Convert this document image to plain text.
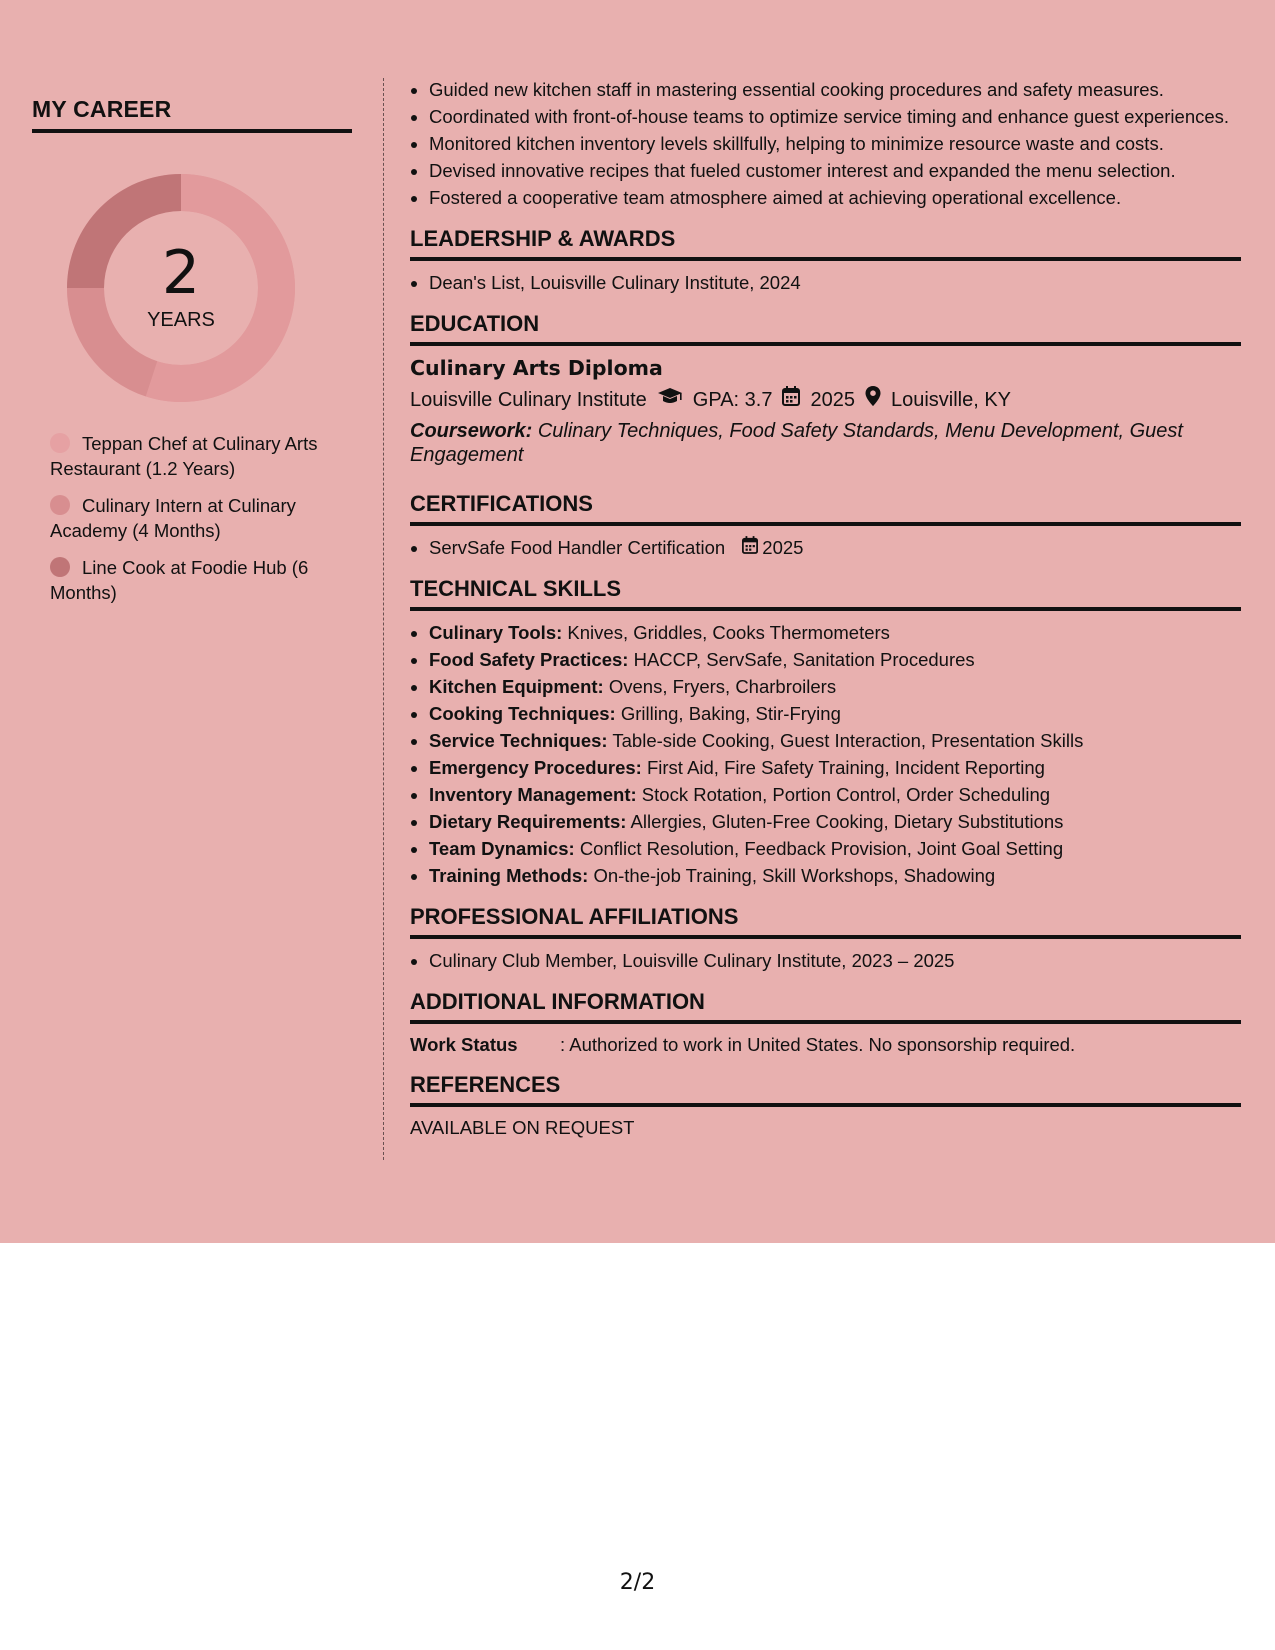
MY CAREER
2
YEARS
Teppan Chef at Culinary Arts Restaurant (1.2 Years)
Culinary Intern at Culinary Academy (4 Months)
Line Cook at Foodie Hub (6 Months)
• Guided new kitchen staff in mastering essential cooking procedures and safety measures.
• Coordinated with front-of-house teams to optimize service timing and enhance guest experiences.
• Monitored kitchen inventory levels skillfully, helping to minimize resource waste and costs.
• Devised innovative recipes that fueled customer interest and expanded the menu selection.
• Fostered a cooperative team atmosphere aimed at achieving operational excellence.
LEADERSHIP & AWARDS
• Dean's List, Louisville Culinary Institute, 2024
EDUCATION
Culinary Arts Diploma
Louisville Culinary Institute GPA: 3.7 2025 Louisville, KY
Coursework: Culinary Techniques, Food Safety Standards, Menu Development, Guest Engagement
CERTIFICATIONS
• ServSafe Food Handler Certification 2025
TECHNICAL SKILLS
• Culinary Tools: Knives, Griddles, Cooks Thermometers
• Food Safety Practices: HACCP, ServSafe, Sanitation Procedures
• Kitchen Equipment: Ovens, Fryers, Charbroilers
• Cooking Techniques: Grilling, Baking, Stir-Frying
• Service Techniques: Table-side Cooking, Guest Interaction, Presentation Skills
• Emergency Procedures: First Aid, Fire Safety Training, Incident Reporting
• Inventory Management: Stock Rotation, Portion Control, Order Scheduling
• Dietary Requirements: Allergies, Gluten-Free Cooking, Dietary Substitutions
• Team Dynamics: Conflict Resolution, Feedback Provision, Joint Goal Setting
• Training Methods: On-the-job Training, Skill Workshops, Shadowing
PROFESSIONAL AFFILIATIONS
• Culinary Club Member, Louisville Culinary Institute, 2023 – 2025
ADDITIONAL INFORMATION
Work Status : Authorized to work in United States. No sponsorship required.
REFERENCES
AVAILABLE ON REQUEST
2/2
